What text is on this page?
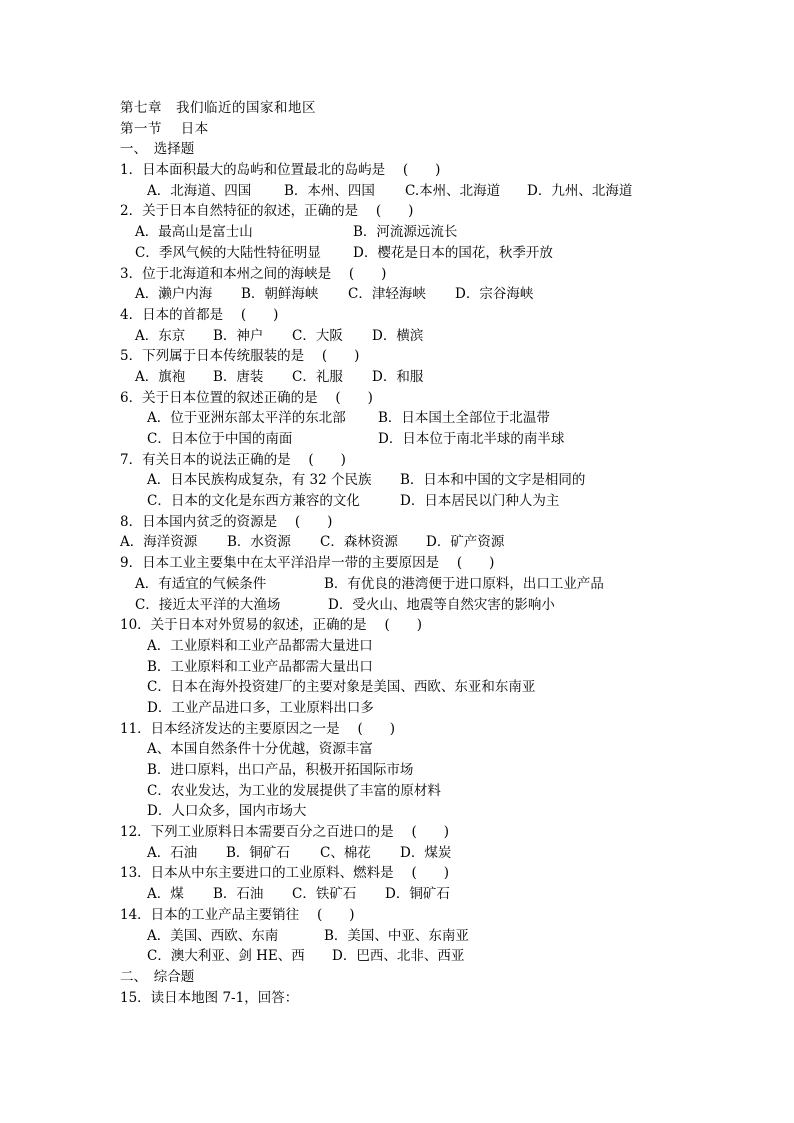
第七章　我们临近的国家和地区
第一节　 日本
一、　选择题
1．日本面积最大的岛屿和位置最北的岛屿是　 (　　)
A．北海道、四国 B．本州、四国 C.本州、北海道 D．九州、北海道
2．关于日本自然特征的叙述，正确的是　 (　　)
A．最高山是富士山	B．河流源远流长
C．季风气候的大陆性特征明显 D．樱花是日本的国花，秋季开放
3．位于北海道和本州之间的海峡是　 (　　)
A．濑户内海 B．朝鲜海峡 C．津轻海峡 D．宗谷海峡
4．日本的首都是　 (　　)
A．东京 B．神户 C．大阪 D．横滨
5．下列属于日本传统服装的是　 (　　)
A．旗袍 B．唐装 C．礼服 D．和服
6．关于日本位置的叙述正确的是　 (　　)
A．位于亚洲东部太平洋的东北部 B．日本国土全部位于北温带
C．日本位于中国的南面	D．日本位于南北半球的南半球
7．有关日本的说法正确的是　 (　　)
A．日本民族构成复杂，有 32 个民族 B．日本和中国的文字是相同的
C．日本的文化是东西方兼容的文化	D．日本居民以门种人为主
8．日本国内贫乏的资源是　 (　　)
A．海洋资源 B．水资源 C．森林资源 D．矿产资源
9．日本工业主要集中在太平洋沿岸一带的主要原因是　 (　　)
A．有适宜的气候条件	B．有优良的港湾便于进口原料，出口工业产品
C．接近太平洋的大渔场	D．受火山、地震等自然灾害的影响小
10．关于日本对外贸易的叙述，正确的是　 (　　)
A．工业原料和工业产品都需大量进口
B．工业原料和工业产品都需大量出口
C．日本在海外投资建厂的主要对象是美国、西欧、东亚和东南亚
D．工业产品进口多，工业原料出口多
11．日本经济发达的主要原因之一是　 (　　)
A、本国自然条件十分优越，资源丰富
B．进口原料，出口产品，积极开拓国际市场
C．农业发达，为工业的发展提供了丰富的原材料
D．人口众多，国内市场大
12．下列工业原料日本需要百分之百进口的是　 (　　)
A．石油 B．铜矿石 C、棉花 D．煤炭
13．日本从中东主要进口的工业原料、燃料是　 (　　)
A．煤 B．石油 C．铁矿石 D．铜矿石
14．日本的工业产品主要销往　 (　　)
A．美国、西欧、东南	B．美国、中亚、东南亚
C．澳大利亚、剑 HE、西 D．巴西、北非、西亚
二、　综合题
15．读日本地图 7-1，回答：
